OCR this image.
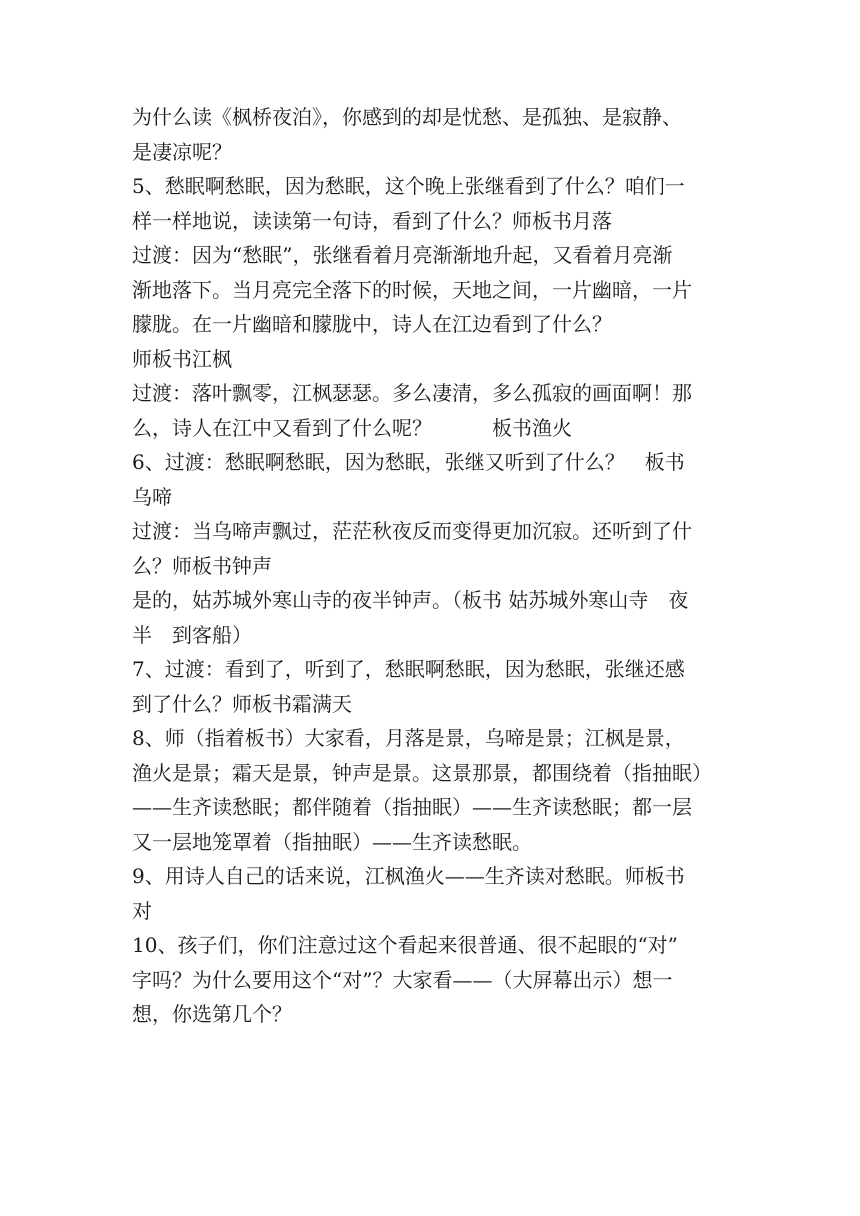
为什么读《枫桥夜泊》，你感到的却是忧愁、是孤独、是寂静、
是凄凉呢？
5、愁眠啊愁眠，因为愁眠，这个晚上张继看到了什么？咱们一
样一样地说，读读第一句诗，看到了什么？师板书月落
过渡：因为“愁眠”，张继看着月亮渐渐地升起，又看着月亮渐
渐地落下。当月亮完全落下的时候，天地之间，一片幽暗，一片
朦胧。在一片幽暗和朦胧中，诗人在江边看到了什么？
师板书江枫
过渡：落叶飘零，江枫瑟瑟。多么凄清，多么孤寂的画面啊！那
么，诗人在江中又看到了什么呢？　　　板书渔火
6、过渡：愁眠啊愁眠，因为愁眠，张继又听到了什么？　板书
乌啼
过渡：当乌啼声飘过，茫茫秋夜反而变得更加沉寂。还听到了什
么？师板书钟声
是的，姑苏城外寒山寺的夜半钟声。（板书 姑苏城外寒山寺　夜
半　到客船）
7、过渡：看到了，听到了，愁眠啊愁眠，因为愁眠，张继还感
到了什么？师板书霜满天
8、师（指着板书）大家看，月落是景，乌啼是景；江枫是景，
渔火是景；霜天是景，钟声是景。这景那景，都围绕着（指抽眠）
——生齐读愁眠；都伴随着（指抽眠）——生齐读愁眠；都一层
又一层地笼罩着（指抽眠）——生齐读愁眠。
9、用诗人自己的话来说，江枫渔火——生齐读对愁眠。师板书
对
10、孩子们，你们注意过这个看起来很普通、很不起眼的“对”
字吗？为什么要用这个“对”？大家看——（大屏幕出示）想一
想，你选第几个？
